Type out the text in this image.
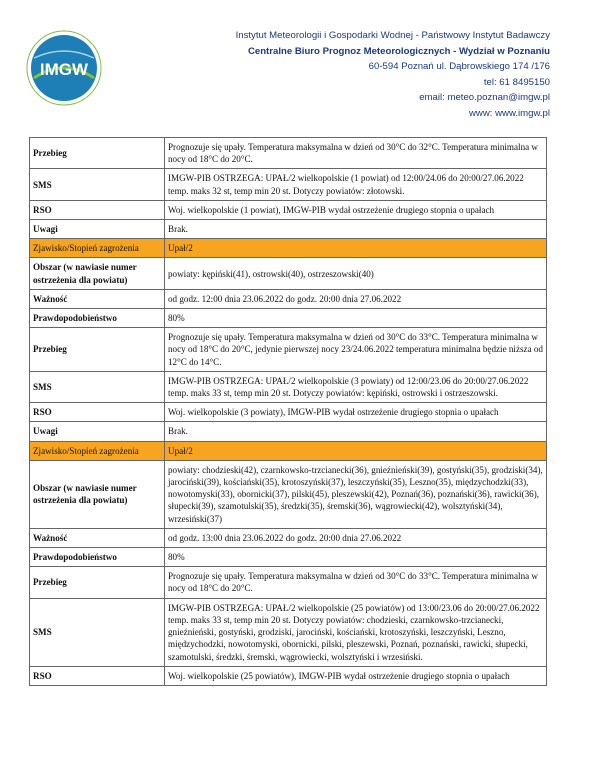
IMGW
Instytut Meteorologii i Gospodarki Wodnej - Państwowy Instytut Badawczy
Centralne Biuro Prognoz Meteorologicznych - Wydział w Poznaniu
60-594 Poznań ul. Dąbrowskiego 174 /176
tel: 61 8495150
email: meteo.poznan@imgw.pl
www: www.imgw.pl
Przebieg	Prognozuje się upały. Temperatura maksymalna w dzień od 30°C do 32°C. Temperatura minimalna w nocy od 18°C do 20°C.
SMS	IMGW-PIB OSTRZEGA: UPAŁ/2 wielkopolskie (1 powiat) od 12:00/24.06 do 20:00/27.06.2022 temp. maks 32 st, temp min 20 st. Dotyczy powiatów: złotowski.
RSO	Woj. wielkopolskie (1 powiat), IMGW-PIB wydał ostrzeżenie drugiego stopnia o upałach
Uwagi	Brak.
Zjawisko/Stopień zagrożenia	Upał/2
Obszar (w nawiasie numer ostrzeżenia dla powiatu)	powiaty: kępiński(41), ostrowski(40), ostrzeszowski(40)
Ważność	od godz. 12:00 dnia 23.06.2022 do godz. 20:00 dnia 27.06.2022
Prawdopodobieństwo	80%
Przebieg	Prognozuje się upały. Temperatura maksymalna w dzień od 30°C do 33°C. Temperatura minimalna w nocy od 18°C do 20°C, jedynie pierwszej nocy 23/24.06.2022 temperatura minimalna będzie niższa od 12°C do 14°C.
SMS	IMGW-PIB OSTRZEGA: UPAŁ/2 wielkopolskie (3 powiaty) od 12:00/23.06 do 20:00/27.06.2022 temp. maks 33 st, temp min 20 st. Dotyczy powiatów: kępiński, ostrowski i ostrzeszowski.
RSO	Woj. wielkopolskie (3 powiaty), IMGW-PIB wydał ostrzeżenie drugiego stopnia o upałach
Uwagi	Brak.
Zjawisko/Stopień zagrożenia	Upał/2
Obszar (w nawiasie numer ostrzeżenia dla powiatu)	powiaty: chodzieski(42), czarnkowsko-trzcianecki(36), gnieźnieński(39), gostyński(35), grodziski(34), jarociński(39), kościański(35), krotoszyński(37), leszczyński(35), Leszno(35), międzychodzki(33), nowotomyski(33), obornicki(37), pilski(45), pleszewski(42), Poznań(36), poznański(36), rawicki(36), słupecki(39), szamotulski(35), średzki(35), śremski(36), wągrowiecki(42), wolsztyński(34), wrzesiński(37)
Ważność	od godz. 13:00 dnia 23.06.2022 do godz. 20:00 dnia 27.06.2022
Prawdopodobieństwo	80%
Przebieg	Prognozuje się upały. Temperatura maksymalna w dzień od 30°C do 33°C. Temperatura minimalna w nocy od 18°C do 20°C.
SMS	IMGW-PIB OSTRZEGA: UPAŁ/2 wielkopolskie (25 powiatów) od 13:00/23.06 do 20:00/27.06.2022 temp. maks 33 st, temp min 20 st. Dotyczy powiatów: chodzieski, czarnkowsko-trzcianecki, gnieźnieński, gostyński, grodziski, jarociński, kościański, krotoszyński, leszczyński, Leszno, międzychodzki, nowotomyski, obornicki, pilski, pleszewski, Poznań, poznański, rawicki, słupecki, szamotulski, średzki, śremski, wągrowiecki, wolsztyński i wrzesiński.
RSO	Woj. wielkopolskie (25 powiatów), IMGW-PIB wydał ostrzeżenie drugiego stopnia o upałach
